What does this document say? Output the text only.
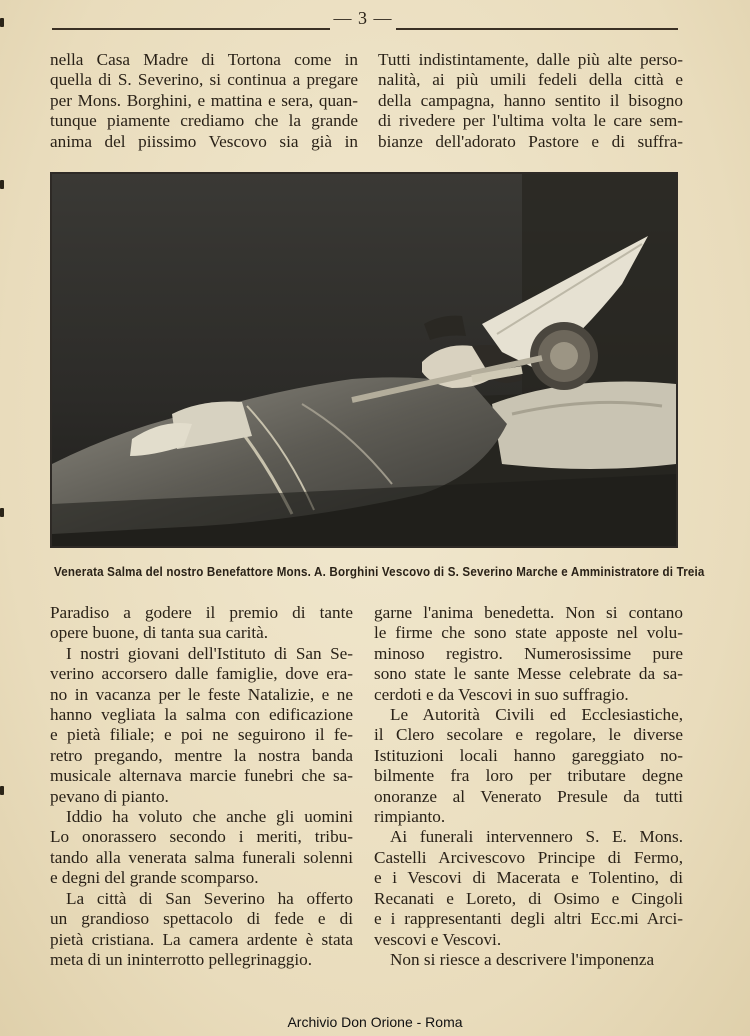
— 3 —
nella Casa Madre di Tortona come in
quella di S. Severino, si continua a pregare
per Mons. Borghini, e mattina e sera, quan-
tunque piamente crediamo che la grande
anima del piissimo Vescovo sia già in
Tutti indistintamente, dalle più alte perso-
nalità, ai più umili fedeli della città e
della campagna, hanno sentito il bisogno
di rivedere per l'ultima volta le care sem-
bianze dell'adorato Pastore e di suffra-
Venerata Salma del nostro Benefattore Mons. A. Borghini Vescovo di S. Severino Marche e Amministratore di Treia
Paradiso a godere il premio di tante
opere buone, di tanta sua carità.
I nostri giovani dell'Istituto di San Se-
verino accorsero dalle famiglie, dove era-
no in vacanza per le feste Natalizie, e ne
hanno vegliata la salma con edificazione
e pietà filiale; e poi ne seguirono il fe-
retro pregando, mentre la nostra banda
musicale alternava marcie funebri che sa-
pevano di pianto.
Iddio ha voluto che anche gli uomini
Lo onorassero secondo i meriti, tribu-
tando alla venerata salma funerali solenni
e degni del grande scomparso.
La città di San Severino ha offerto
un grandioso spettacolo di fede e di
pietà cristiana. La camera ardente è stata
meta di un ininterrotto pellegrinaggio.
garne l'anima benedetta. Non si contano
le firme che sono state apposte nel volu-
minoso registro. Numerosissime pure
sono state le sante Messe celebrate da sa-
cerdoti e da Vescovi in suo suffragio.
Le Autorità Civili ed Ecclesiastiche,
il Clero secolare e regolare, le diverse
Istituzioni locali hanno gareggiato no-
bilmente fra loro per tributare degne
onoranze al Venerato Presule da tutti
rimpianto.
Ai funerali intervennero S. E. Mons.
Castelli Arcivescovo Principe di Fermo,
e i Vescovi di Macerata e Tolentino, di
Recanati e Loreto, di Osimo e Cingoli
e i rappresentanti degli altri Ecc.mi Arci-
vescovi e Vescovi.
Non si riesce a descrivere l'imponenza
Archivio Don Orione - Roma
